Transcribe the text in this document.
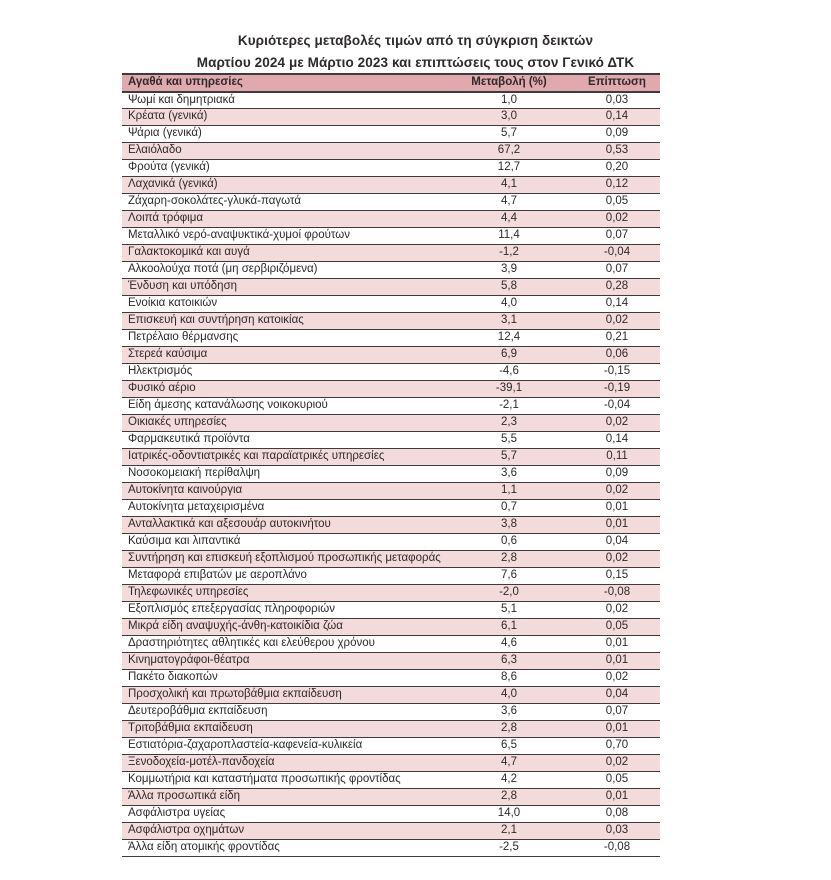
Κυριότερες μεταβολές τιμών από τη σύγκριση δεικτών
Μαρτίου 2024 με Μάρτιο 2023 και επιπτώσεις τους στον Γενικό ΔΤΚ
Αγαθά και υπηρεσίες	Μεταβολή (%)	Επίπτωση
Ψωμί και δημητριακά	1,0	0,03
Κρέατα (γενικά)	3,0	0,14
Ψάρια (γενικά)	5,7	0,09
Ελαιόλαδο	67,2	0,53
Φρούτα (γενικά)	12,7	0,20
Λαχανικά (γενικά)	4,1	0,12
Ζάχαρη-σοκολάτες-γλυκά-παγωτά	4,7	0,05
Λοιπά τρόφιμα	4,4	0,02
Μεταλλικό νερό-αναψυκτικά-χυμοί φρούτων	11,4	0,07
Γαλακτοκομικά και αυγά	-1,2	-0,04
Αλκοολούχα ποτά (μη σερβιριζόμενα)	3,9	0,07
Ένδυση και υπόδηση	5,8	0,28
Ενοίκια κατοικιών	4,0	0,14
Επισκευή και συντήρηση κατοικίας	3,1	0,02
Πετρέλαιο θέρμανσης	12,4	0,21
Στερεά καύσιμα	6,9	0,06
Ηλεκτρισμός	-4,6	-0,15
Φυσικό αέριο	-39,1	-0,19
Είδη άμεσης κατανάλωσης νοικοκυριού	-2,1	-0,04
Οικιακές υπηρεσίες	2,3	0,02
Φαρμακευτικά προϊόντα	5,5	0,14
Ιατρικές-οδοντιατρικές και παραϊατρικές υπηρεσίες	5,7	0,11
Νοσοκομειακή περίθαλψη	3,6	0,09
Αυτοκίνητα καινούργια	1,1	0,02
Αυτοκίνητα μεταχειρισμένα	0,7	0,01
Ανταλλακτικά και αξεσουάρ αυτοκινήτου	3,8	0,01
Καύσιμα και λιπαντικά	0,6	0,04
Συντήρηση και επισκευή εξοπλισμού προσωπικής μεταφοράς	2,8	0,02
Μεταφορά επιβατών με αεροπλάνο	7,6	0,15
Τηλεφωνικές υπηρεσίες	-2,0	-0,08
Εξοπλισμός επεξεργασίας πληροφοριών	5,1	0,02
Μικρά είδη αναψυχής-άνθη-κατοικίδια ζώα	6,1	0,05
Δραστηριότητες αθλητικές και ελεύθερου χρόνου	4,6	0,01
Κινηματογράφοι-θέατρα	6,3	0,01
Πακέτο διακοπών	8,6	0,02
Προσχολική και πρωτοβάθμια εκπαίδευση	4,0	0,04
Δευτεροβάθμια εκπαίδευση	3,6	0,07
Τριτοβάθμια εκπαίδευση	2,8	0,01
Εστιατόρια-ζαχαροπλαστεία-καφενεία-κυλικεία	6,5	0,70
Ξενοδοχεία-μοτέλ-πανδοχεία	4,7	0,02
Κομμωτήρια και καταστήματα προσωπικής φροντίδας	4,2	0,05
Άλλα προσωπικά είδη	2,8	0,01
Ασφάλιστρα υγείας	14,0	0,08
Ασφάλιστρα οχημάτων	2,1	0,03
Άλλα είδη ατομικής φροντίδας	-2,5	-0,08
